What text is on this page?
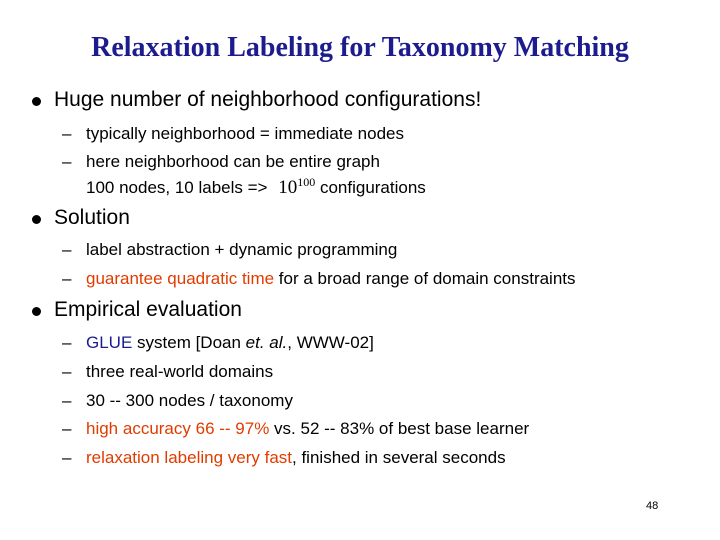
Relaxation Labeling for Taxonomy Matching
Huge number of neighborhood configurations!
– typically neighborhood = immediate nodes
– here neighborhood can be entire graph
100 nodes, 10 labels => $10^{100}$ configurations
Solution
– label abstraction + dynamic programming
– guarantee quadratic time for a broad range of domain constraints
Empirical evaluation
– GLUE system [Doan et. al., WWW-02]
– three real-world domains
– 30 -- 300 nodes / taxonomy
– high accuracy 66 -- 97% vs. 52 -- 83% of best base learner
– relaxation labeling very fast, finished in several seconds
48
